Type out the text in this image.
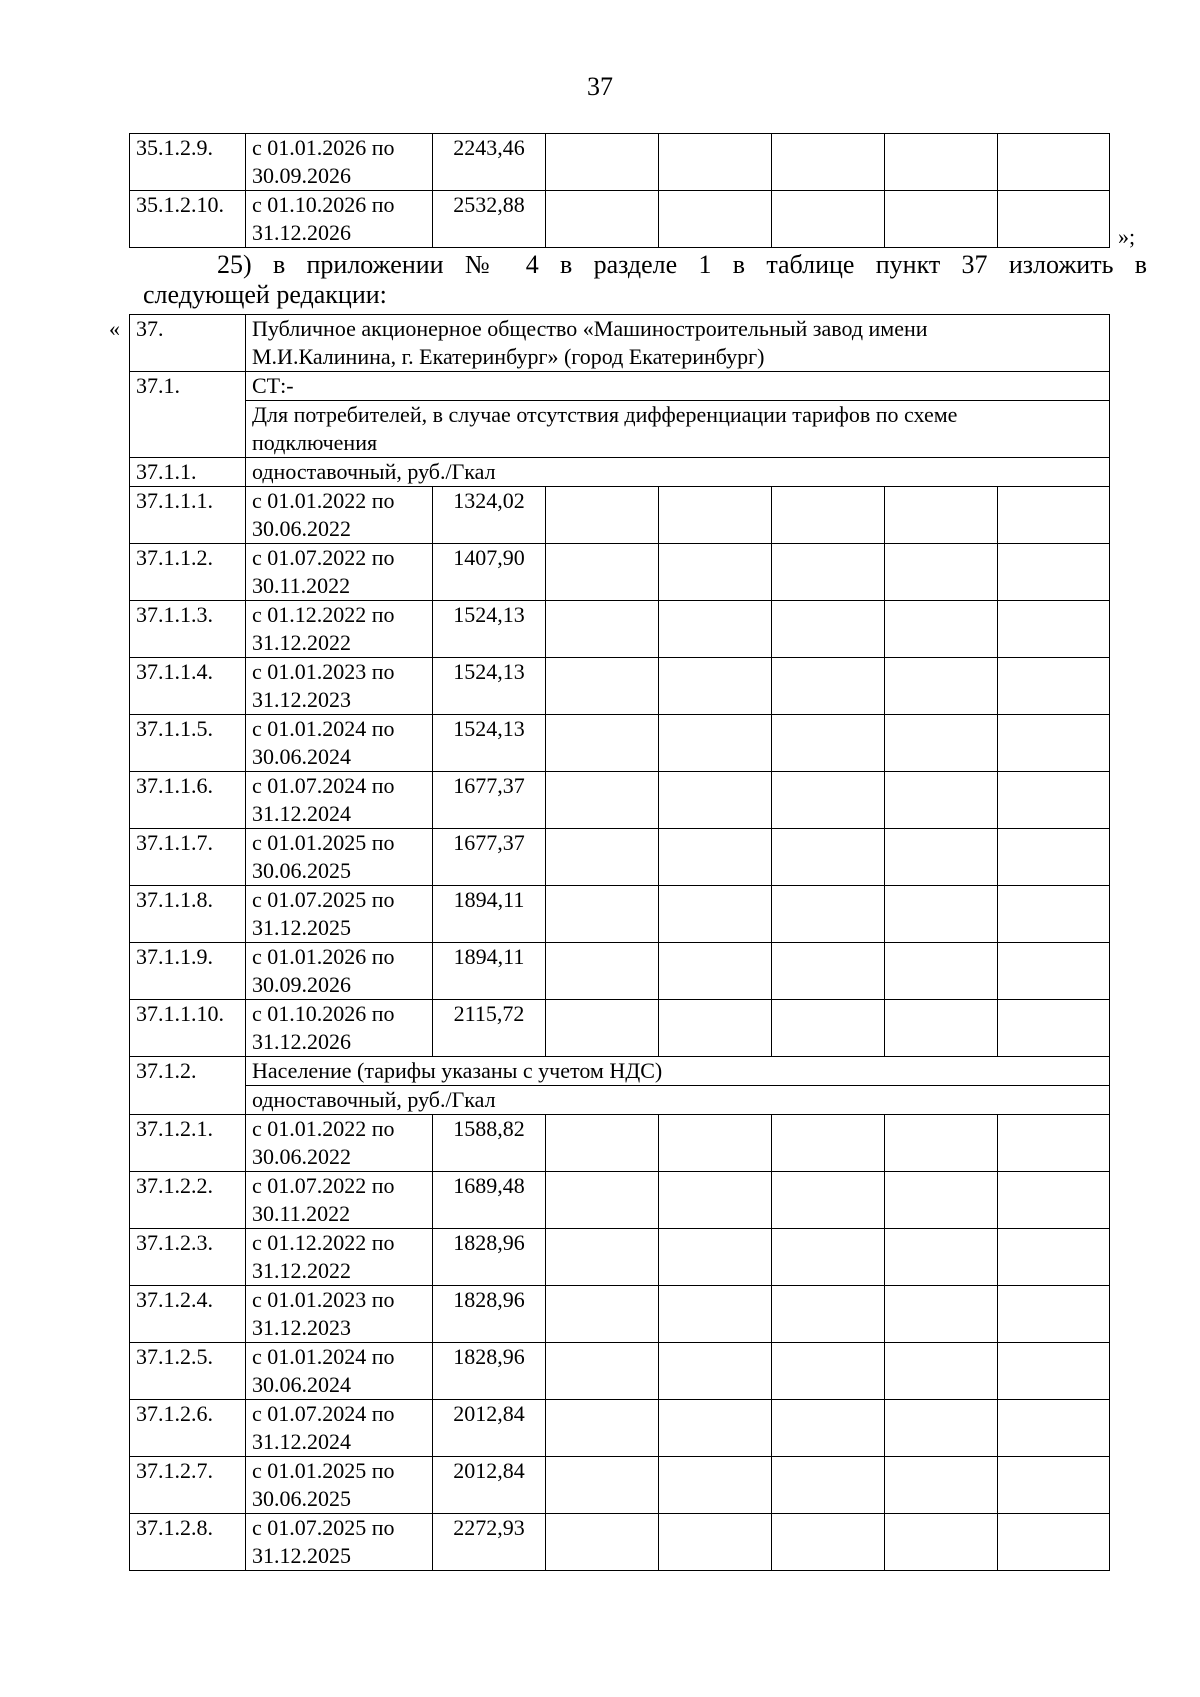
37
35.1.2.9.	с 01.01.2026 по
30.09.2026	2243,46					
35.1.2.10.	с 01.10.2026 по
31.12.2026	2532,88					
»;

25) в приложении № 4 в разделе 1 в таблице пункт 37 изложить в
следующей редакции:

« 37.	Публичное акционерное общество «Машиностроительный завод имени
М.И.Калинина, г. Екатеринбург» (город Екатеринбург)						
37.1.	СТ:-						
	Для потребителей, в случае отсутствия дифференциации тарифов по схеме
подключения						
37.1.1.	одноставочный, руб./Гкал						
37.1.1.1.	с 01.01.2022 по
30.06.2022	1324,02					
37.1.1.2.	с 01.07.2022 по
30.11.2022	1407,90					
37.1.1.3.	с 01.12.2022 по
31.12.2022	1524,13					
37.1.1.4.	с 01.01.2023 по
31.12.2023	1524,13					
37.1.1.5.	с 01.01.2024 по
30.06.2024	1524,13					
37.1.1.6.	с 01.07.2024 по
31.12.2024	1677,37					
37.1.1.7.	с 01.01.2025 по
30.06.2025	1677,37					
37.1.1.8.	с 01.07.2025 по
31.12.2025	1894,11					
37.1.1.9.	с 01.01.2026 по
30.09.2026	1894,11					
37.1.1.10.	с 01.10.2026 по
31.12.2026	2115,72					
37.1.2.	Население (тарифы указаны с учетом НДС)						
	одноставочный, руб./Гкал						
37.1.2.1.	с 01.01.2022 по
30.06.2022	1588,82					
37.1.2.2.	с 01.07.2022 по
30.11.2022	1689,48					
37.1.2.3.	с 01.12.2022 по
31.12.2022	1828,96					
37.1.2.4.	с 01.01.2023 по
31.12.2023	1828,96					
37.1.2.5.	с 01.01.2024 по
30.06.2024	1828,96					
37.1.2.6.	с 01.07.2024 по
31.12.2024	2012,84					
37.1.2.7.	с 01.01.2025 по
30.06.2025	2012,84					
37.1.2.8.	с 01.07.2025 по
31.12.2025	2272,93					
